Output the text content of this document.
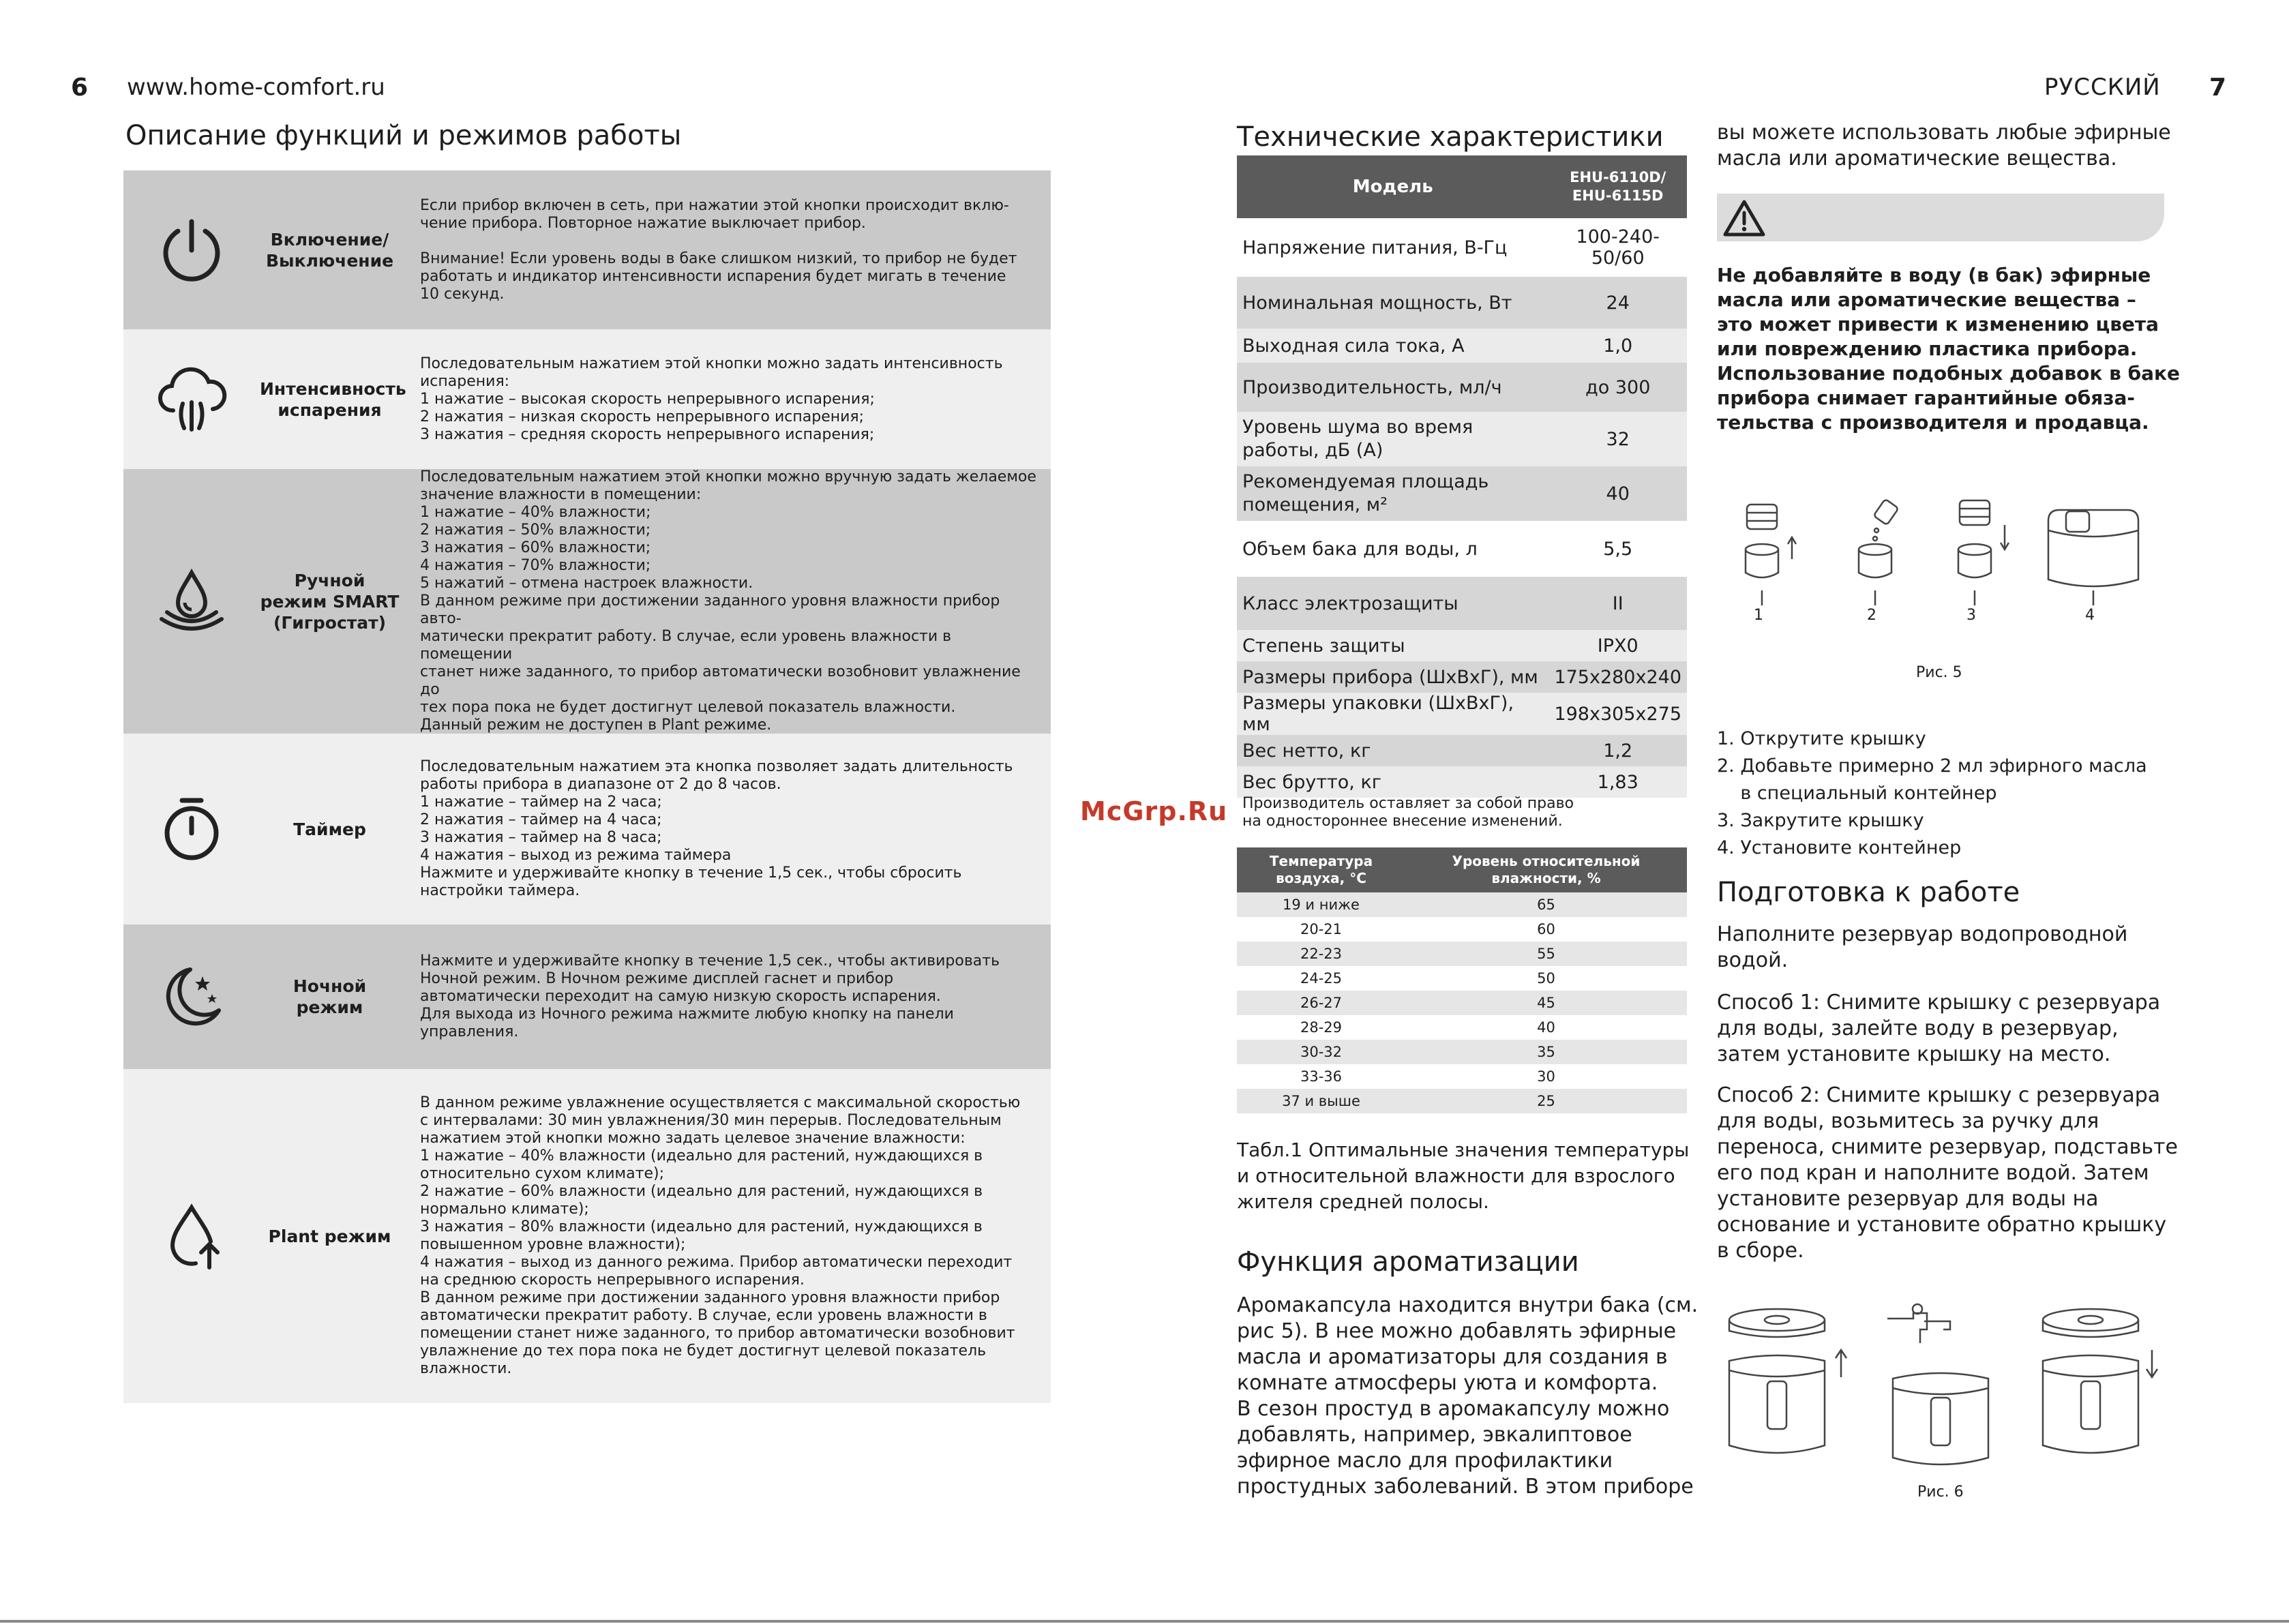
6 www.home-comfort.ru	РУССКИЙ 7
Описание функций и режимов работы
Включение/
Выключение
Если прибор включен в сеть, при нажатии этой кнопки происходит вклю-
чение прибора. Повторное нажатие выключает прибор.

Внимание! Если уровень воды в баке слишком низкий, то прибор не будет
работать и индикатор интенсивности испарения будет мигать в течение
10 секунд.
Интенсивность
испарения
Последовательным нажатием этой кнопки можно задать интенсивность
испарения:
1 нажатие – высокая скорость непрерывного испарения;
2 нажатия – низкая скорость непрерывного испарения;
3 нажатия – средняя скорость непрерывного испарения;
Ручной
режим SMART
(Гигростат)
Последовательным нажатием этой кнопки можно вручную задать желаемое
значение влажности в помещении:
1 нажатие – 40% влажности;
2 нажатия – 50% влажности;
3 нажатия – 60% влажности;
4 нажатия – 70% влажности;
5 нажатий – отмена настроек влажности.
В данном режиме при достижении заданного уровня влажности прибор авто-
матически прекратит работу. В случае, если уровень влажности в помещении
станет ниже заданного, то прибор автоматически возобновит увлажнение до
тех пора пока не будет достигнут целевой показатель влажности.
Данный режим не доступен в Plant режиме.
Таймер
Последовательным нажатием эта кнопка позволяет задать длительность
работы прибора в диапазоне от 2 до 8 часов.
1 нажатие – таймер на 2 часа;
2 нажатия – таймер на 4 часа;
3 нажатия – таймер на 8 часа;
4 нажатия – выход из режима таймера
Нажмите и удерживайте кнопку в течение 1,5 сек., чтобы сбросить
настройки таймера.
Ночной режим
Нажмите и удерживайте кнопку в течение 1,5 сек., чтобы активировать
Ночной режим. В Ночном режиме дисплей гаснет и прибор
автоматически переходит на самую низкую скорость испарения.
Для выхода из Ночного режима нажмите любую кнопку на панели
управления.
Plant режим
В данном режиме увлажнение осуществляется с максимальной скоростью
с интервалами: 30 мин увлажнения/30 мин перерыв. Последовательным
нажатием этой кнопки можно задать целевое значение влажности:
1 нажатие – 40% влажности (идеально для растений, нуждающихся в
относительно сухом климате);
2 нажатие – 60% влажности (идеально для растений, нуждающихся в
нормально климате);
3 нажатия – 80% влажности (идеально для растений, нуждающихся в
повышенном уровне влажности);
4 нажатия – выход из данного режима. Прибор автоматически переходит
на среднюю скорость непрерывного испарения.
В данном режиме при достижении заданного уровня влажности прибор
автоматически прекратит работу. В случае, если уровень влажности в
помещении станет ниже заданного, то прибор автоматически возобновит
увлажнение до тех пора пока не будет достигнут целевой показатель
влажности.
Технические характеристики
Модель	EHU-6110D/
EHU-6115D
Напряжение питания, В-Гц	100-240-50/60
Номинальная мощность, Вт	24
Выходная сила тока, А	1,0
Производительность, мл/ч	до 300
Уровень шума во время
работы, дБ (А)	32
Рекомендуемая площадь
помещения, м²	40
Объем бака для воды, л	5,5
Класс электрозащиты	II
Степень защиты	IPX0
Размеры прибора (ШхВхГ), мм	175х280х240
Размеры упаковки (ШхВхГ), мм	198х305х275
Вес нетто, кг	1,2
Вес брутто, кг	1,83
Производитель оставляет за собой право
на одностороннее внесение изменений.
McGrp.Ru
Температура
воздуха, °С	Уровень относительной
влажности, %
19 и ниже	65
20-21	60
22-23	55
24-25	50
26-27	45
28-29	40
30-32	35
33-36	30
37 и выше	25
Табл.1 Оптимальные значения температуры
и относительной влажности для взрослого
жителя средней полосы.
Функция ароматизации
Аромакапсула находится внутри бака (см.
рис 5). В нее можно добавлять эфирные
масла и ароматизаторы для создания в
комнате атмосферы уюта и комфорта.
В сезон простуд в аромакапсулу можно
добавлять, например, эвкалиптовое
эфирное масло для профилактики
простудных заболеваний. В этом приборе
вы можете использовать любые эфирные
масла или ароматические вещества.
Не добавляйте в воду (в бак) эфирные
масла или ароматические вещества –
это может привести к изменению цвета
или повреждению пластика прибора.
Использование подобных добавок в баке
прибора снимает гарантийные обяза-
тельства с производителя и продавца.
1	2	3	4
Рис. 5
1. Открутите крышку
2. Добавьте примерно 2 мл эфирного масла
в специальный контейнер
3. Закрутите крышку
4. Установите контейнер
Подготовка к работе
Наполните резервуар водопроводной
водой.
Способ 1: Снимите крышку с резервуара
для воды, залейте воду в резервуар,
затем установите крышку на место.
Способ 2: Снимите крышку с резервуара
для воды, возьмитесь за ручку для
переноса, снимите резервуар, подставьте
его под кран и наполните водой. Затем
установите резервуар для воды на
основание и установите обратно крышку
в сборе.
Рис. 6
